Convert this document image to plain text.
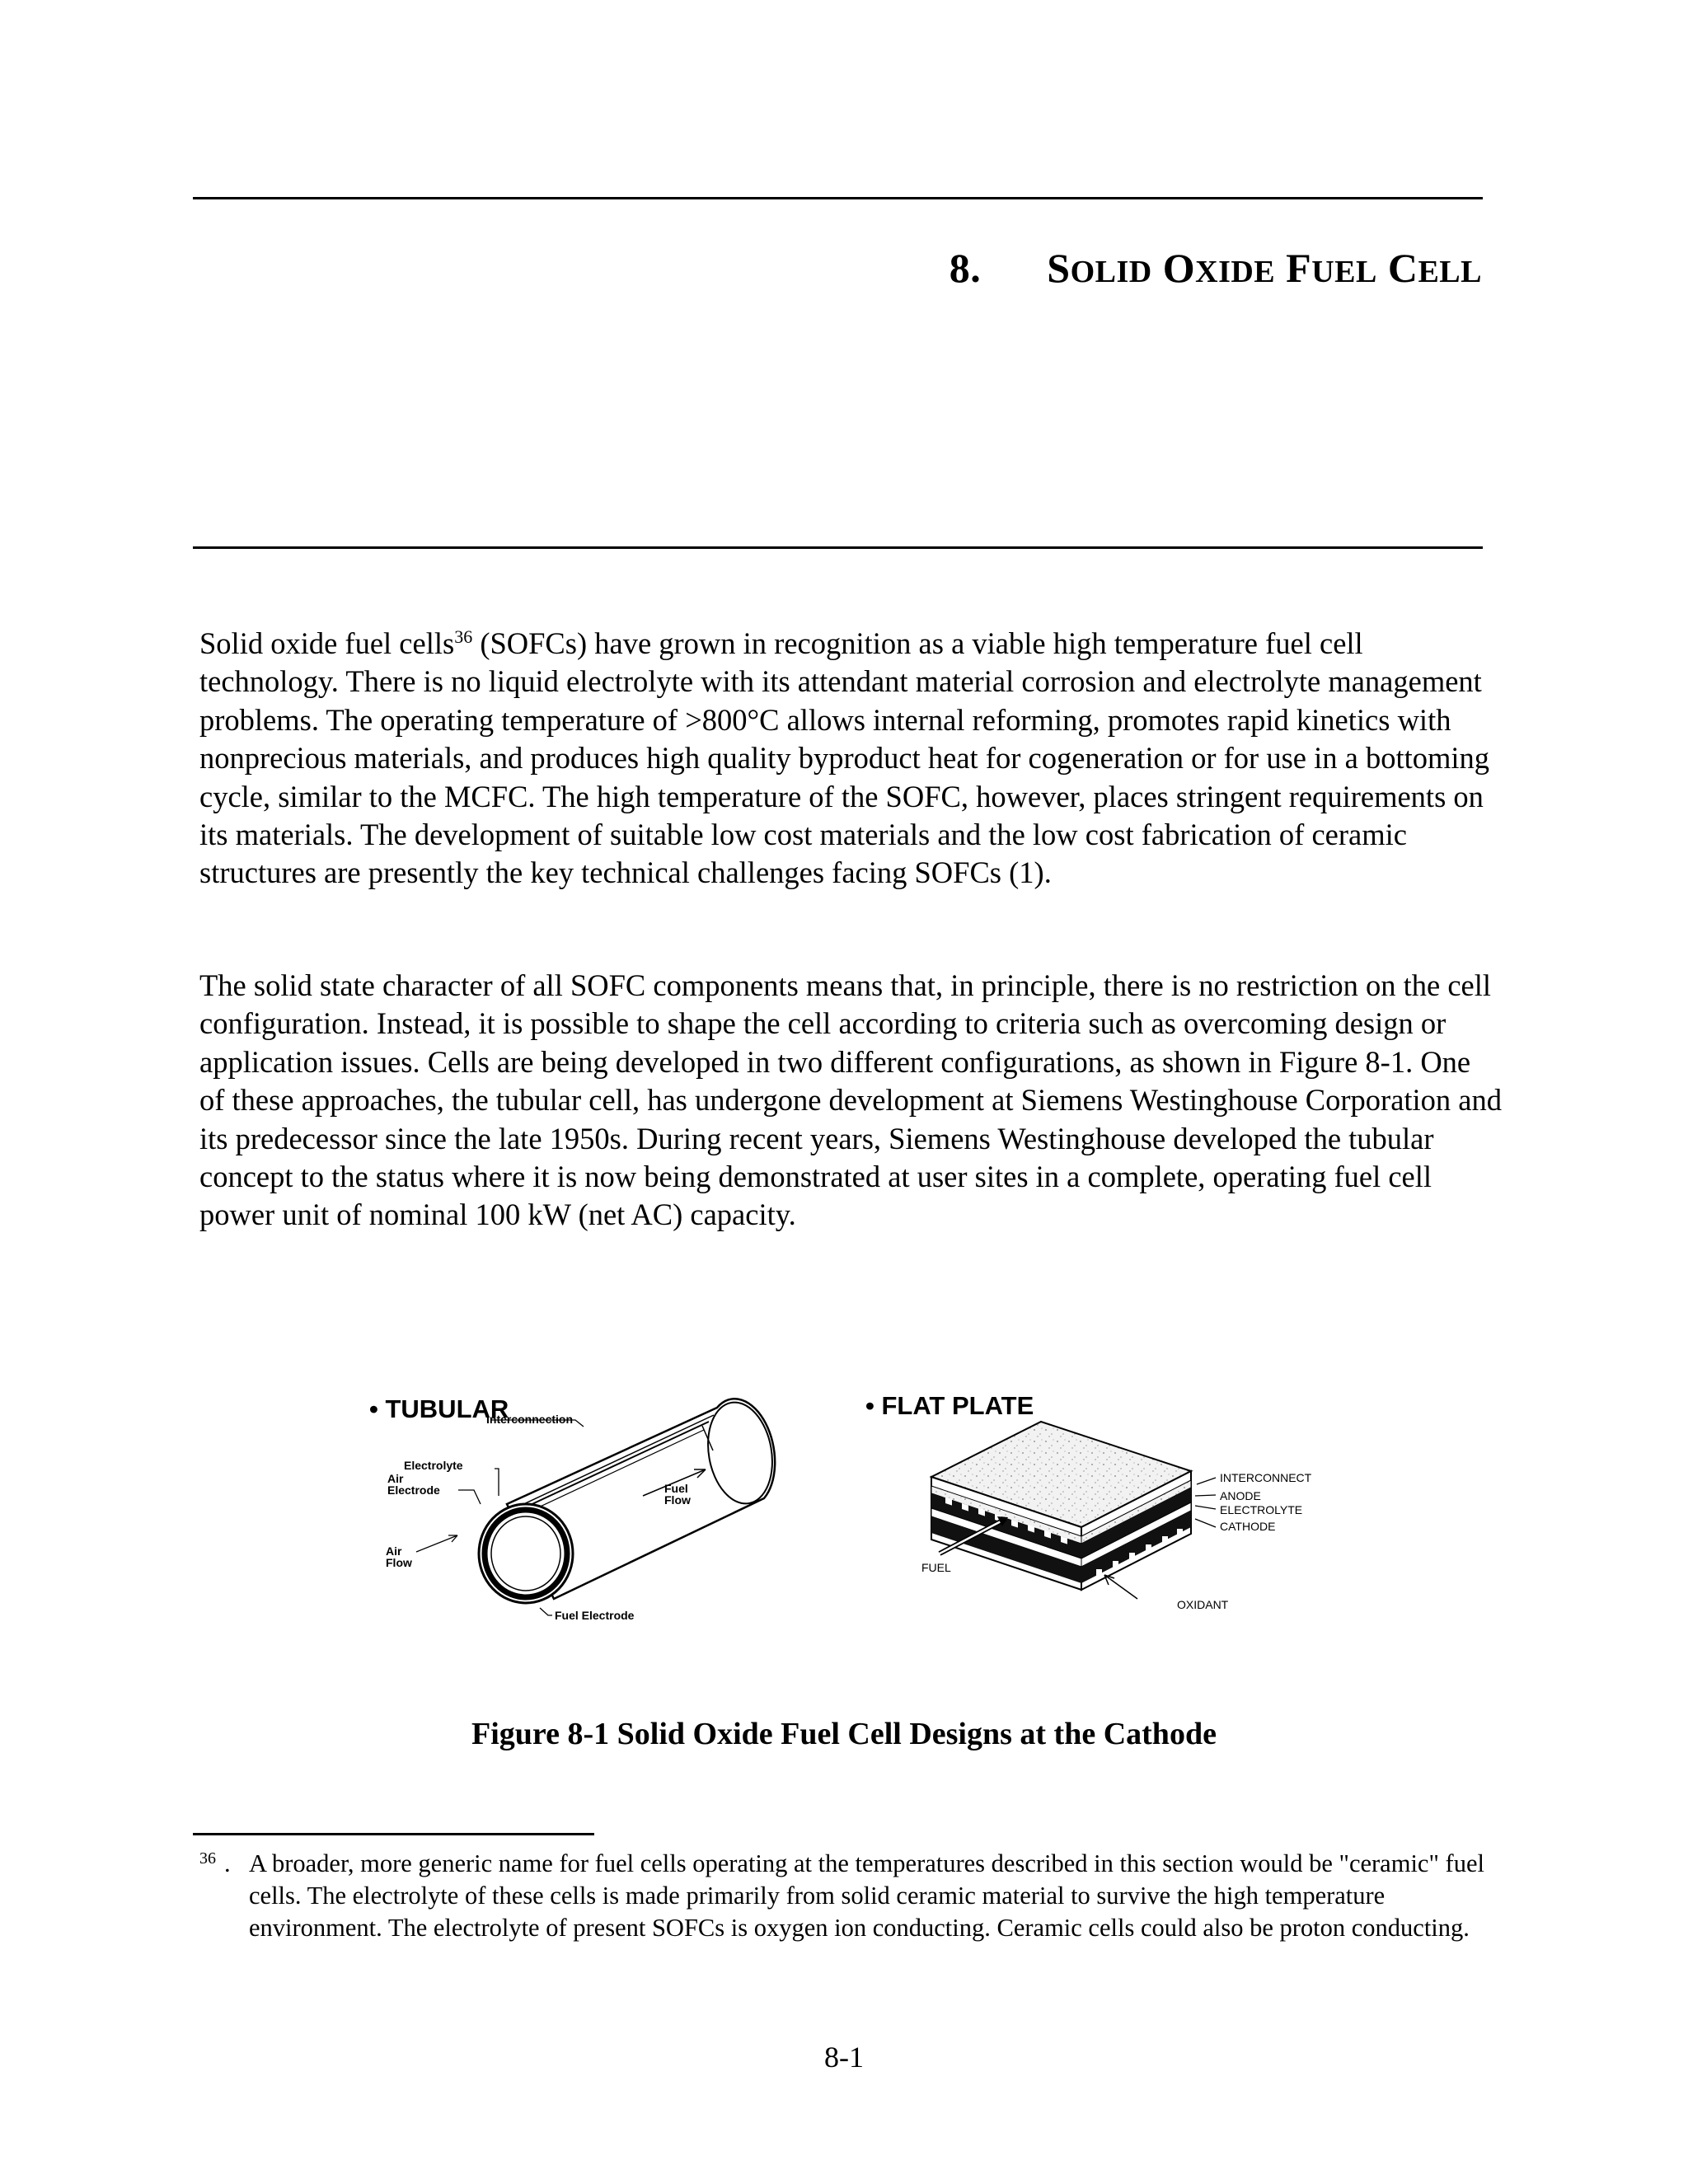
8. SOLID OXIDE FUEL CELL

Solid oxide fuel cells$^{36}$ (SOFCs) have grown in recognition as a viable high temperature fuel cell technology. There is no liquid electrolyte with its attendant material corrosion and electrolyte management problems. The operating temperature of >800°C allows internal reforming, promotes rapid kinetics with nonprecious materials, and produces high quality byproduct heat for cogeneration or for use in a bottoming cycle, similar to the MCFC. The high temperature of the SOFC, however, places stringent requirements on its materials. The development of suitable low cost materials and the low cost fabrication of ceramic structures are presently the key technical challenges facing SOFCs (1).

The solid state character of all SOFC components means that, in principle, there is no restriction on the cell configuration. Instead, it is possible to shape the cell according to criteria such as overcoming design or application issues. Cells are being developed in two different configurations, as shown in Figure 8-1. One of these approaches, the tubular cell, has undergone development at Siemens Westinghouse Corporation and its predecessor since the late 1950s. During recent years, Siemens Westinghouse developed the tubular concept to the status where it is now being demonstrated at user sites in a complete, operating fuel cell power unit of nominal 100 kW (net AC) capacity.

• TUBULAR
Interconnection
Electrolyte
Air
Electrode	Fuel
Flow
Air
Flow
Fuel Electrode
• FLAT PLATE
INTERCONNECT
ANODE
ELECTROLYTE
CATHODE
FUEL
OXIDANT

Figure 8-1 Solid Oxide Fuel Cell Designs at the Cathode

36 . A broader, more generic name for fuel cells operating at the temperatures described in this section would be "ceramic" fuel cells. The electrolyte of these cells is made primarily from solid ceramic material to survive the high temperature environment. The electrolyte of present SOFCs is oxygen ion conducting. Ceramic cells could also be proton conducting.
8-1
